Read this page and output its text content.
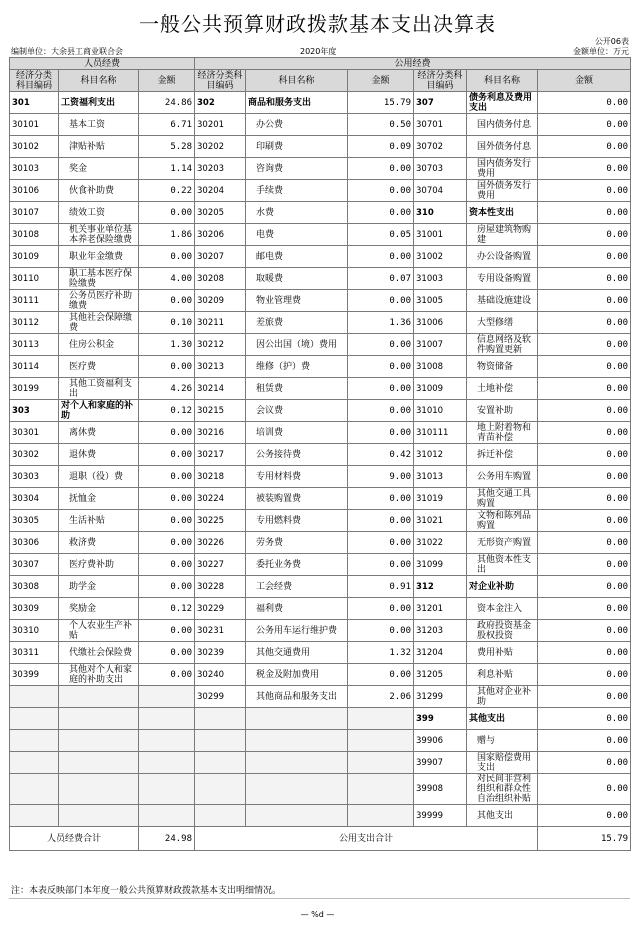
一般公共预算财政拨款基本支出决算表
公开06表
编制单位：大余县工商业联合会	2020年度	金额单位：万元
人员经费			公用经费					
经济分类科目编码	科目名称	金额	经济分类科目编码	科目名称	金额	经济分类科目编码	科目名称	金额
301	工资福利支出	24.86	302	商品和服务支出	15.79	307	债务利息及费用支出	0.00
30101	基本工资	6.71	30201	办公费	0.50	30701	国内债务付息	0.00
30102	津贴补贴	5.28	30202	印刷费	0.09	30702	国外债务付息	0.00
30103	奖金	1.14	30203	咨询费	0.00	30703	国内债务发行费用	0.00
30106	伙食补助费	0.22	30204	手续费	0.00	30704	国外债务发行费用	0.00
30107	绩效工资	0.00	30205	水费	0.00	310	资本性支出	0.00
30108	机关事业单位基本养老保险缴费	1.86	30206	电费	0.05	31001	房屋建筑物购建	0.00
30109	职业年金缴费	0.00	30207	邮电费	0.00	31002	办公设备购置	0.00
30110	职工基本医疗保险缴费	4.00	30208	取暖费	0.07	31003	专用设备购置	0.00
30111	公务员医疗补助缴费	0.00	30209	物业管理费	0.00	31005	基础设施建设	0.00
30112	其他社会保障缴费	0.10	30211	差旅费	1.36	31006	大型修缮	0.00
30113	住房公积金	1.30	30212	因公出国（境）费用	0.00	31007	信息网络及软件购置更新	0.00
30114	医疗费	0.00	30213	维修（护）费	0.00	31008	物资储备	0.00
30199	其他工资福利支出	4.26	30214	租赁费	0.00	31009	土地补偿	0.00
303	对个人和家庭的补助	0.12	30215	会议费	0.00	31010	安置补助	0.00
30301	离休费	0.00	30216	培训费	0.00	310111	地上附着物和青苗补偿	0.00
30302	退休费	0.00	30217	公务接待费	0.42	31012	拆迁补偿	0.00
30303	退职（役）费	0.00	30218	专用材料费	9.00	31013	公务用车购置	0.00
30304	抚恤金	0.00	30224	被装购置费	0.00	31019	其他交通工具购置	0.00
30305	生活补贴	0.00	30225	专用燃料费	0.00	31021	文物和陈列品购置	0.00
30306	救济费	0.00	30226	劳务费	0.00	31022	无形资产购置	0.00
30307	医疗费补助	0.00	30227	委托业务费	0.00	31099	其他资本性支出	0.00
30308	助学金	0.00	30228	工会经费	0.91	312	对企业补助	0.00
30309	奖励金	0.12	30229	福利费	0.00	31201	资本金注入	0.00
30310	个人农业生产补贴	0.00	30231	公务用车运行维护费	0.00	31203	政府投资基金股权投资	0.00
30311	代缴社会保险费	0.00	30239	其他交通费用	1.32	31204	费用补贴	0.00
30399	其他对个人和家庭的补助支出	0.00	30240	税金及附加费用	0.00	31205	利息补贴	0.00
			30299	其他商品和服务支出	2.06	31299	其他对企业补助	0.00
						399	其他支出	0.00
						39906	赠与	0.00
						39907	国家赔偿费用支出	0.00
						39908	对民间非营利组织和群众性自治组织补贴	0.00
						39999	其他支出	0.00
人员经费合计		24.98	公用支出合计					15.79
注：本表反映部门本年度一般公共预算财政拨款基本支出明细情况。
— %d —
